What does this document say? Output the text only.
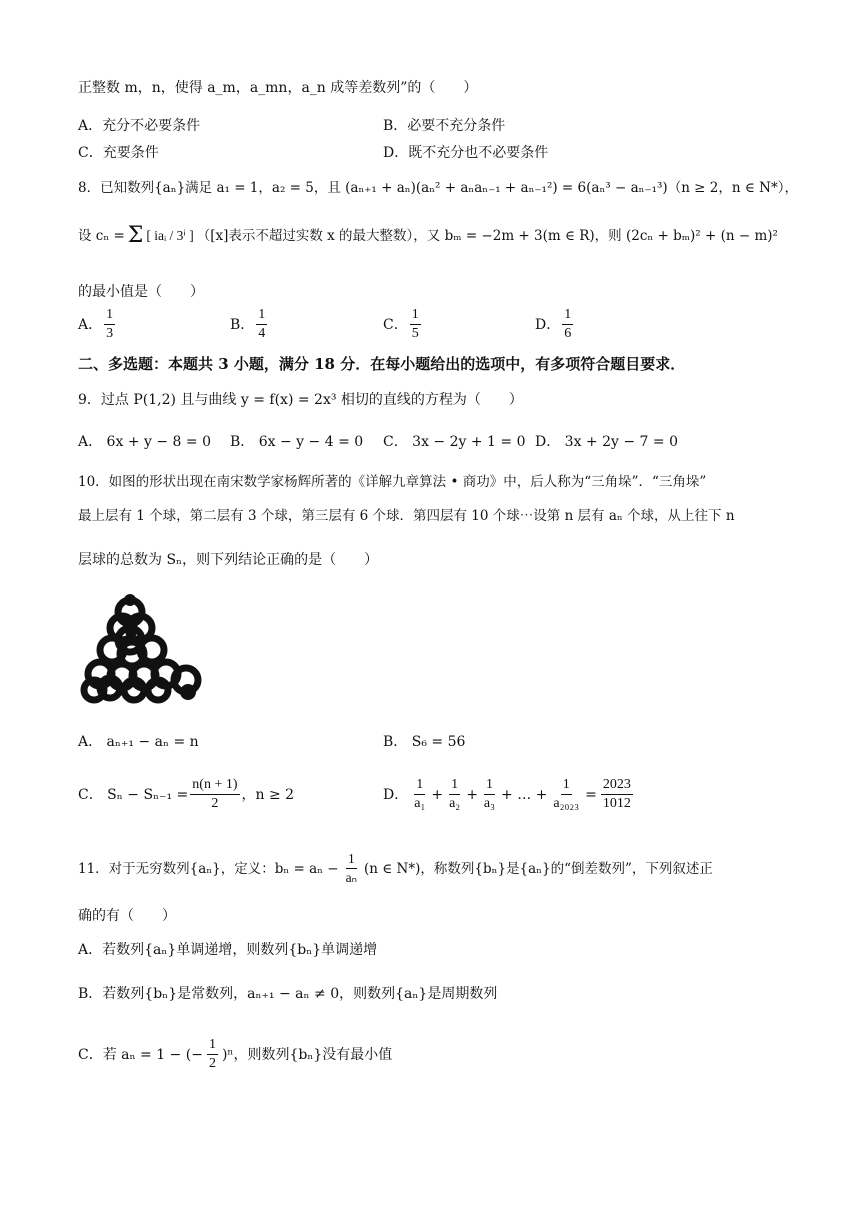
正整数 m，n，使得 a_m，a_mn，a_n 成等差数列”的（　　）
A．充分不必要条件	B．必要不充分条件
C．充要条件	D．既不充分也不必要条件
8．已知数列{aₙ}满足 a₁ = 1，a₂ = 5，且 (aₙ₊₁ + aₙ)(aₙ² + aₙaₙ₋₁ + aₙ₋₁²) = 6(aₙ³ − aₙ₋₁³)（n ≥ 2，n ∈ N*），
设 cₙ = Σ [ iaᵢ / 3ⁱ ] （[x]表示不超过实数 x 的最大整数），又 bₘ = −2m + 3(m ∈ R)，则 (2cₙ + bₘ)² + (n − m)²
的最小值是（　　）
A． $\frac{1}{3}$	B． $\frac{1}{4}$	C． $\frac{1}{5}$	D． $\frac{1}{6}$
二、多选题：本题共 3 小题，满分 18 分．在每小题给出的选项中，有多项符合题目要求．
9．过点 P(1,2) 且与曲线 y = f(x) = 2x³ 相切的直线的方程为（　　）
A． 6x + y − 8 = 0 B． 6x − y − 4 = 0 C． 3x − 2y + 1 = 0 D． 3x + 2y − 7 = 0
10．如图的形状出现在南宋数学家杨辉所著的《详解九章算法 • 商功》中，后人称为“三角垛”．“三角垛”
最上层有 1 个球，第二层有 3 个球，第三层有 6 个球．第四层有 10 个球⋯设第 n 层有 aₙ 个球，从上往下 n
层球的总数为 Sₙ，则下列结论正确的是（　　）
A． aₙ₊₁ − aₙ = n	B． S₆ = 56
C． $S_n - S_{n-1} = \frac{n(n + 1)}{2}$ ，n ≥ 2	D． $\frac{1}{\text{a₁}} + \frac{1}{\text{a₂}} + \frac{1}{\text{a₃}}$ + … + $\frac{1}{\text{a₂₀₂₃}} = \frac{2023}{1012}$
11．对于无穷数列{aₙ}，定义：$b_n = a_n - \frac{1}{\text{aₙ}} (n$ ∈ N*)，称数列{bₙ}是{aₙ}的“倒差数列”，下列叙述正
确的有（　　）
A．若数列{aₙ}单调递增，则数列{bₙ}单调递增
B．若数列{bₙ}是常数列，aₙ₊₁ − aₙ ≠ 0，则数列{aₙ}是周期数列
C．若 aₙ = 1 − (− $\frac{1}{2} )^n$，则数列{bₙ}没有最小值
